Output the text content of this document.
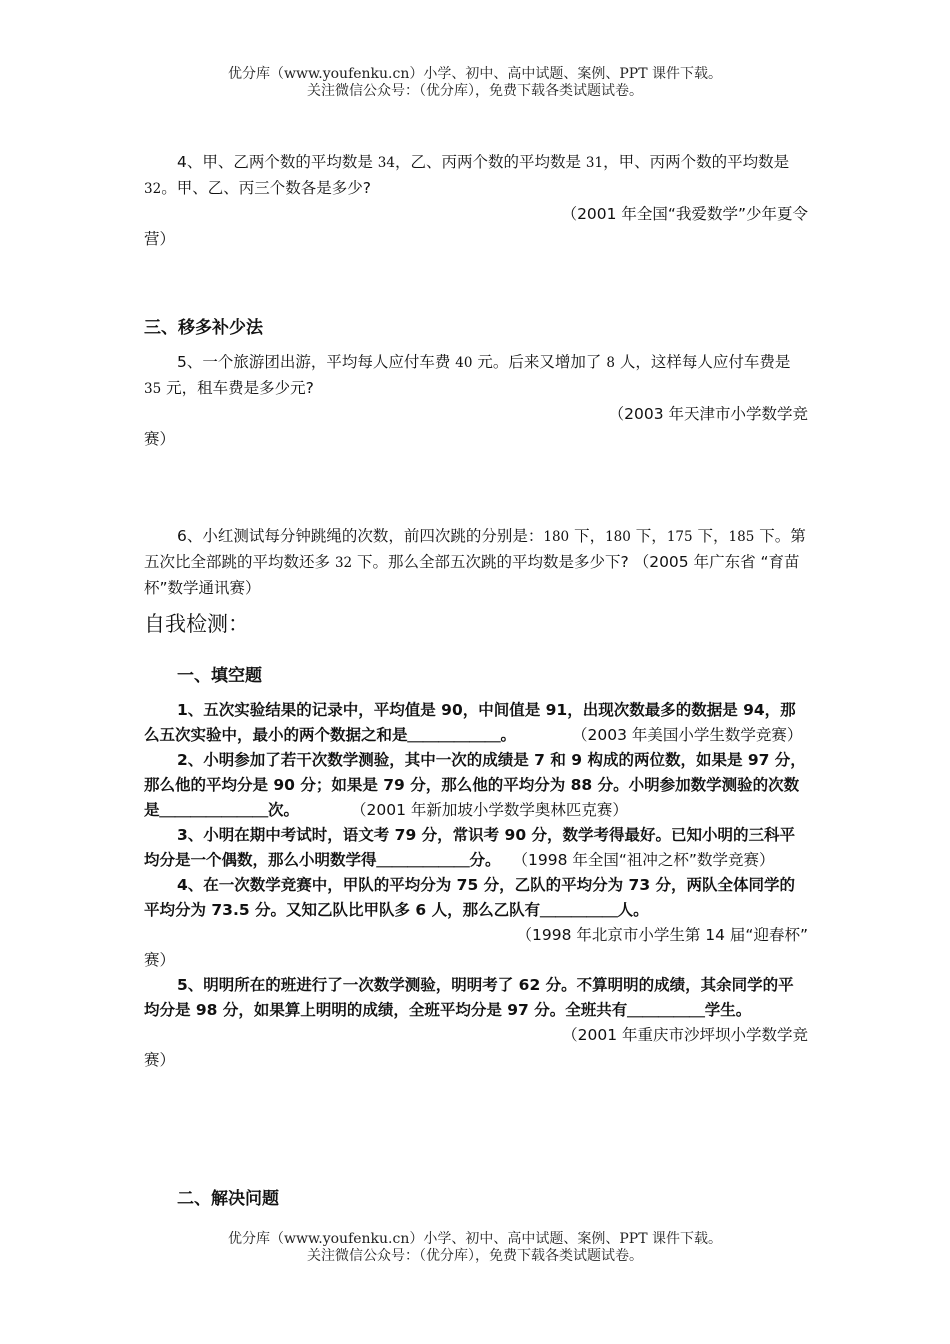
优分库（www.youfenku.cn）小学、初中、高中试题、案例、PPT 课件下载。
关注微信公众号：（优分库），免费下载各类试题试卷。
4、甲、乙两个数的平均数是 34，乙、丙两个数的平均数是 31，甲、丙两个数的平均数是 32。甲、乙、丙三个数各是多少?
（2001 年全国“我爱数学”少年夏令
营）
三、移多补少法
5、一个旅游团出游，平均每人应付车费 40 元。后来又增加了 8 人，这样每人应付车费是 35 元，租车费是多少元?
（2003 年天津市小学数学竞
赛）
6、小红测试每分钟跳绳的次数，前四次跳的分别是：180 下，180 下，175 下，185 下。第五次比全部跳的平均数还多 32 下。那么全部五次跳的平均数是多少下? （2005 年广东省 “育苗杯”数学通讯赛）
自我检测：
一、填空题
1、五次实验结果的记录中，平均值是 90，中间值是 91，出现次数最多的数据是 94，那么五次实验中，最小的两个数据之和是＿＿＿＿＿＿。	（2003 年美国小学生数学竞赛）
2、小明参加了若干次数学测验，其中一次的成绩是 7 和 9 构成的两位数，如果是 97 分，那么他的平均分是 90 分；如果是 79 分，那么他的平均分为 88 分。小明参加数学测验的次数是＿＿＿＿＿＿＿次。	（2001 年新加坡小学数学奥林匹克赛）
3、小明在期中考试时，语文考 79 分，常识考 90 分，数学考得最好。已知小明的三科平均分是一个偶数，那么小明数学得＿＿＿＿＿＿分。 （1998 年全国“祖冲之杯”数学竞赛）
4、在一次数学竞赛中，甲队的平均分为 75 分，乙队的平均分为 73 分，两队全体同学的平均分为 73.5 分。又知乙队比甲队多 6 人，那么乙队有＿＿＿＿＿人。
（1998 年北京市小学生第 14 届“迎春杯”
赛）
5、明明所在的班进行了一次数学测验，明明考了 62 分。不算明明的成绩，其余同学的平均分是 98 分，如果算上明明的成绩，全班平均分是 97 分。全班共有＿＿＿＿＿学生。
（2001 年重庆市沙坪坝小学数学竞
赛）
二、解决问题
优分库（www.youfenku.cn）小学、初中、高中试题、案例、PPT 课件下载。
关注微信公众号：（优分库），免费下载各类试题试卷。
